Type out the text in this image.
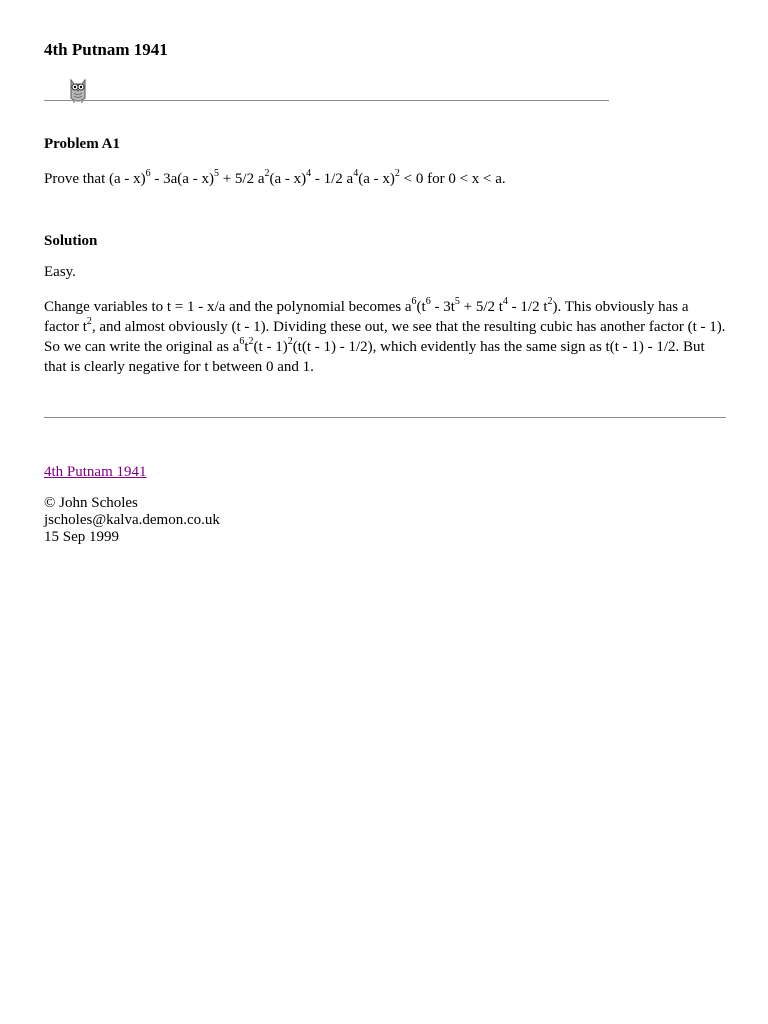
4th Putnam 1941
Problem A1

Prove that (a - x)$^6$ - 3a(a - x)$^5$ + 5/2 $a^2(a - x)^4 - 1/2$ $a^4(a - x)^2 < 0$ for 0 < x < a.

Solution

Easy.

Change variables to t = 1 - x/a and the polynomial becomes $a^6(t^6 - 3t^5 + 5/2$ $t^4 - 1/2$ $t^2$). This obviously has a factor $t^2$, and almost obviously (t - 1). Dividing these out, we see that the resulting cubic has another factor (t - 1). So we can write the original as $a^6t^2(t - 1)^2(t(t - 1) - 1/2)$, which evidently has the same sign as t(t - 1) - 1/2. But that is clearly negative for t between 0 and 1.

4th Putnam 1941
© John Scholes
jscholes@kalva.demon.co.uk
15 Sep 1999
